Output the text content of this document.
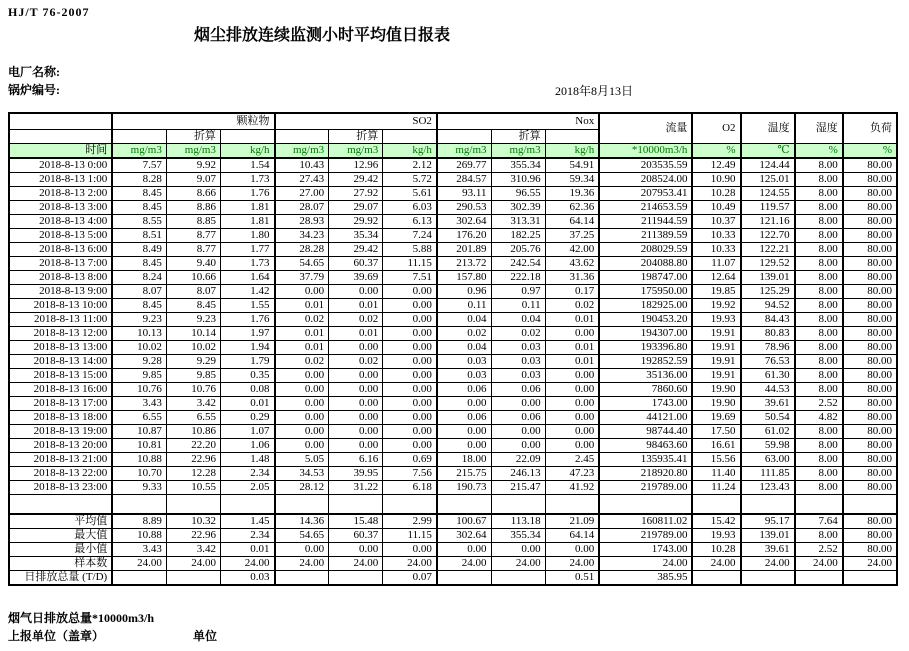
HJ/T 76-2007
烟尘排放连续监测小时平均值日报表
电厂名称:
锅炉编号:	2018年8月13日
	颗粒物			SO2			Nox			流量	O2	温度	湿度	负荷
		折算			折算			折算						
时间	mg/m3	mg/m3	kg/h	mg/m3	mg/m3	kg/h	mg/m3	mg/m3	kg/h	*10000m3/h	%	℃	%	%
2018-8-13 0:00	7.57	9.92	1.54	10.43	12.96	2.12	269.77	355.34	54.91	203535.59	12.49	124.44	8.00	80.00
2018-8-13 1:00	8.28	9.07	1.73	27.43	29.42	5.72	284.57	310.96	59.34	208524.00	10.90	125.01	8.00	80.00
2018-8-13 2:00	8.45	8.66	1.76	27.00	27.92	5.61	93.11	96.55	19.36	207953.41	10.28	124.55	8.00	80.00
2018-8-13 3:00	8.45	8.86	1.81	28.07	29.07	6.03	290.53	302.39	62.36	214653.59	10.49	119.57	8.00	80.00
2018-8-13 4:00	8.55	8.85	1.81	28.93	29.92	6.13	302.64	313.31	64.14	211944.59	10.37	121.16	8.00	80.00
2018-8-13 5:00	8.51	8.77	1.80	34.23	35.34	7.24	176.20	182.25	37.25	211389.59	10.33	122.70	8.00	80.00
2018-8-13 6:00	8.49	8.77	1.77	28.28	29.42	5.88	201.89	205.76	42.00	208029.59	10.33	122.21	8.00	80.00
2018-8-13 7:00	8.45	9.40	1.73	54.65	60.37	11.15	213.72	242.54	43.62	204088.80	11.07	129.52	8.00	80.00
2018-8-13 8:00	8.24	10.66	1.64	37.79	39.69	7.51	157.80	222.18	31.36	198747.00	12.64	139.01	8.00	80.00
2018-8-13 9:00	8.07	8.07	1.42	0.00	0.00	0.00	0.96	0.97	0.17	175950.00	19.85	125.29	8.00	80.00
2018-8-13 10:00	8.45	8.45	1.55	0.01	0.01	0.00	0.11	0.11	0.02	182925.00	19.92	94.52	8.00	80.00
2018-8-13 11:00	9.23	9.23	1.76	0.02	0.02	0.00	0.04	0.04	0.01	190453.20	19.93	84.43	8.00	80.00
2018-8-13 12:00	10.13	10.14	1.97	0.01	0.01	0.00	0.02	0.02	0.00	194307.00	19.91	80.83	8.00	80.00
2018-8-13 13:00	10.02	10.02	1.94	0.01	0.00	0.00	0.04	0.03	0.01	193396.80	19.91	78.96	8.00	80.00
2018-8-13 14:00	9.28	9.29	1.79	0.02	0.02	0.00	0.03	0.03	0.01	192852.59	19.91	76.53	8.00	80.00
2018-8-13 15:00	9.85	9.85	0.35	0.00	0.00	0.00	0.03	0.03	0.00	35136.00	19.91	61.30	8.00	80.00
2018-8-13 16:00	10.76	10.76	0.08	0.00	0.00	0.00	0.06	0.06	0.00	7860.60	19.90	44.53	8.00	80.00
2018-8-13 17:00	3.43	3.42	0.01	0.00	0.00	0.00	0.00	0.00	0.00	1743.00	19.90	39.61	2.52	80.00
2018-8-13 18:00	6.55	6.55	0.29	0.00	0.00	0.00	0.06	0.06	0.00	44121.00	19.69	50.54	4.82	80.00
2018-8-13 19:00	10.87	10.86	1.07	0.00	0.00	0.00	0.00	0.00	0.00	98744.40	17.50	61.02	8.00	80.00
2018-8-13 20:00	10.81	22.20	1.06	0.00	0.00	0.00	0.00	0.00	0.00	98463.60	16.61	59.98	8.00	80.00
2018-8-13 21:00	10.88	22.96	1.48	5.05	6.16	0.69	18.00	22.09	2.45	135935.41	15.56	63.00	8.00	80.00
2018-8-13 22:00	10.70	12.28	2.34	34.53	39.95	7.56	215.75	246.13	47.23	218920.80	11.40	111.85	8.00	80.00
2018-8-13 23:00	9.33	10.55	2.05	28.12	31.22	6.18	190.73	215.47	41.92	219789.00	11.24	123.43	8.00	80.00

平均值	8.89	10.32	1.45	14.36	15.48	2.99	100.67	113.18	21.09	160811.02	15.42	95.17	7.64	80.00
最大值	10.88	22.96	2.34	54.65	60.37	11.15	302.64	355.34	64.14	219789.00	19.93	139.01	8.00	80.00
最小值	3.43	3.42	0.01	0.00	0.00	0.00	0.00	0.00	0.00	1743.00	10.28	39.61	2.52	80.00
样本数	24.00	24.00	24.00	24.00	24.00	24.00	24.00	24.00	24.00	24.00	24.00	24.00	24.00	24.00
日排放总量 (T/D)			0.03			0.07			0.51	385.95				
烟气日排放总量*10000m3/h
上报单位（盖章）	单位
